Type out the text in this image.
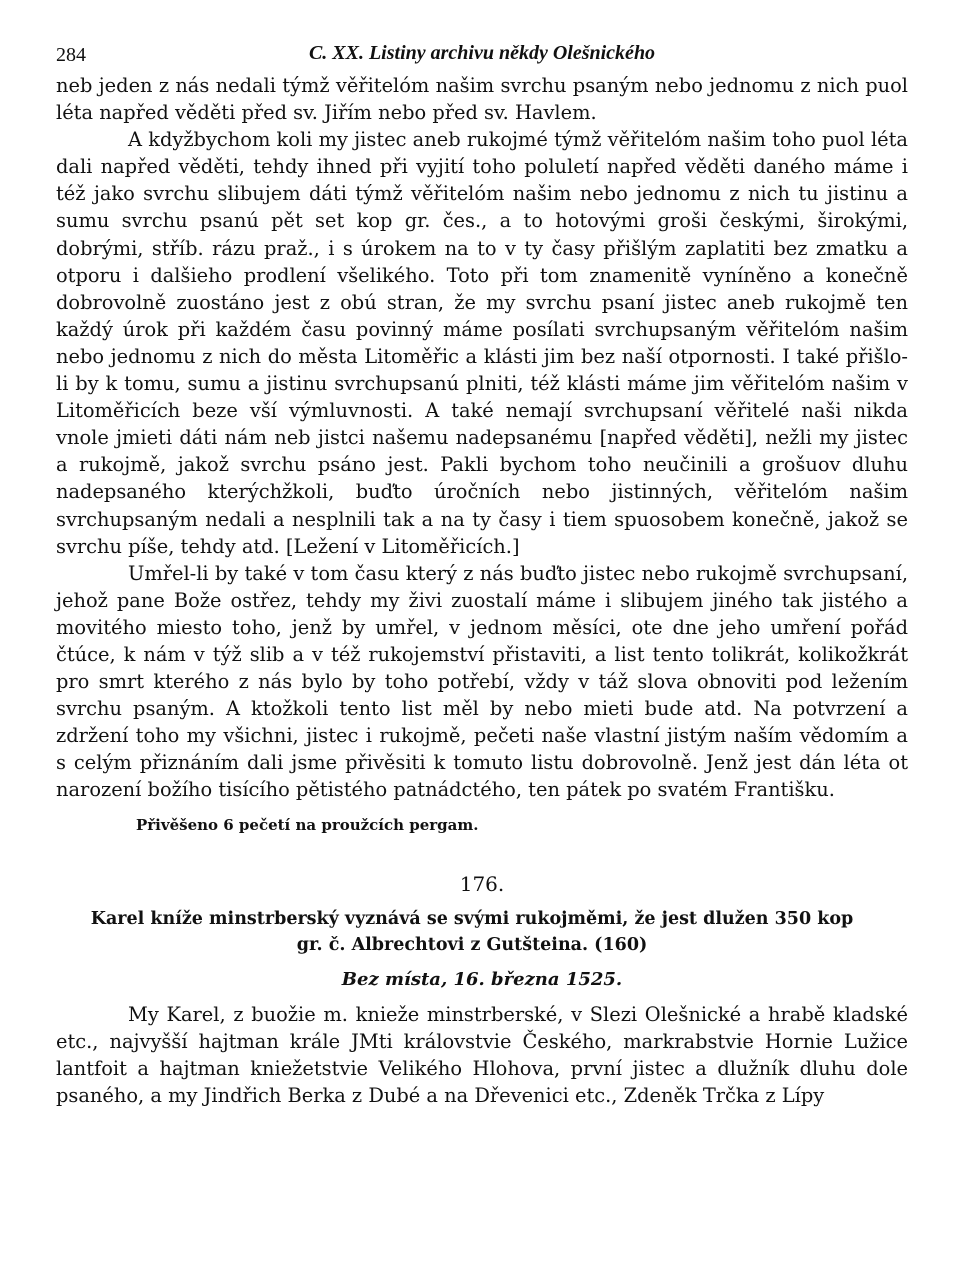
284	C. XX. Listiny archivu někdy Olešnického

neb jeden z nás nedali týmž věřitelóm našim svrchu psaným nebo jednomu z nich puol léta napřed věděti před sv. Jiřím nebo před sv. Havlem.

A kdyžbychom koli my jistec aneb rukojmé týmž věřitelóm našim toho puol léta dali napřed věděti, tehdy ihned při vyjití toho poluletí napřed věděti daného máme i též jako svrchu slibujem dáti týmž věřitelóm našim nebo jednomu z nich tu jistinu a sumu svrchu psanú pět set kop gr. čes., a to hotovými groši českými, širokými, dobrými, stříb. rázu praž., i s úrokem na to v ty časy přišlým zaplatiti bez zmatku a otporu i dalšieho prodlení všelikého. Toto při tom znamenitě vyníněno a konečně dobrovolně zuostáno jest z obú stran, že my svrchu psaní jistec aneb rukojmě ten každý úrok při každém času povinný máme posílati svrchupsaným věřitelóm našim nebo jednomu z nich do města Litoměřic a klásti jim bez naší otpornosti. I také přišlo-li by k tomu, sumu a jistinu svrchupsanú plniti, též klásti máme jim věřitelóm našim v Litoměřicích beze vší výmluvnosti. A také nemají svrchupsaní věřitelé naši nikda vnole jmieti dáti nám neb jistci našemu nadepsanému [napřed věděti], nežli my jistec a rukojmě, jakož svrchu psáno jest. Pakli bychom toho neučinili a grošuov dluhu nadepsaného kterýchžkoli, buďto úročních nebo jistinných, věřitelóm našim svrchupsaným nedali a nesplnili tak a na ty časy i tiem spuosobem konečně, jakož se svrchu píše, tehdy atd. [Ležení v Litoměřicích.]

Umřel-li by také v tom času který z nás buďto jistec nebo rukojmě svrchupsaní, jehož pane Bože ostřez, tehdy my živi zuostalí máme i slibujem jiného tak jistého a movitého miesto toho, jenž by umřel, v jednom měsíci, ote dne jeho umření pořád čtúce, k nám v týž slib a v též rukojemství přistaviti, a list tento tolikrát, kolikožkrát pro smrt kterého z nás bylo by toho potřebí, vždy v táž slova obnoviti pod ležením svrchu psaným. A ktožkoli tento list měl by nebo mieti bude atd. Na potvrzení a zdržení toho my všichni, jistec i rukojmě, pečeti naše vlastní jistým naším vědomím a s celým přiznáním dali jsme přivěsiti k tomuto listu dobrovolně. Jenž jest dán léta ot narození božího tisícího pětistého patnádctého, ten pátek po svatém Františku.

Přivěšeno 6 pečetí na proužcích pergam.
176.
Karel kníže minstrberský vyznává se svými rukojměmi, že jest dlužen 350 kop gr. č. Albrechtovi z Gutšteina. (160)
Bez místa, 16. března 1525.

My Karel, z buožie m. knieže minstrberské, v Slezi Olešnické a hrabě kladské etc., najvyšší hajtman krále JMti královstvie Českého, markrabstvie Hornie Lužice lantfoit a hajtman kniežetstvie Velikého Hlohova, první jistec a dlužník dluhu dole psaného, a my Jindřich Berka z Dubé a na Dřevenici etc., Zdeněk Trčka z Lípy
